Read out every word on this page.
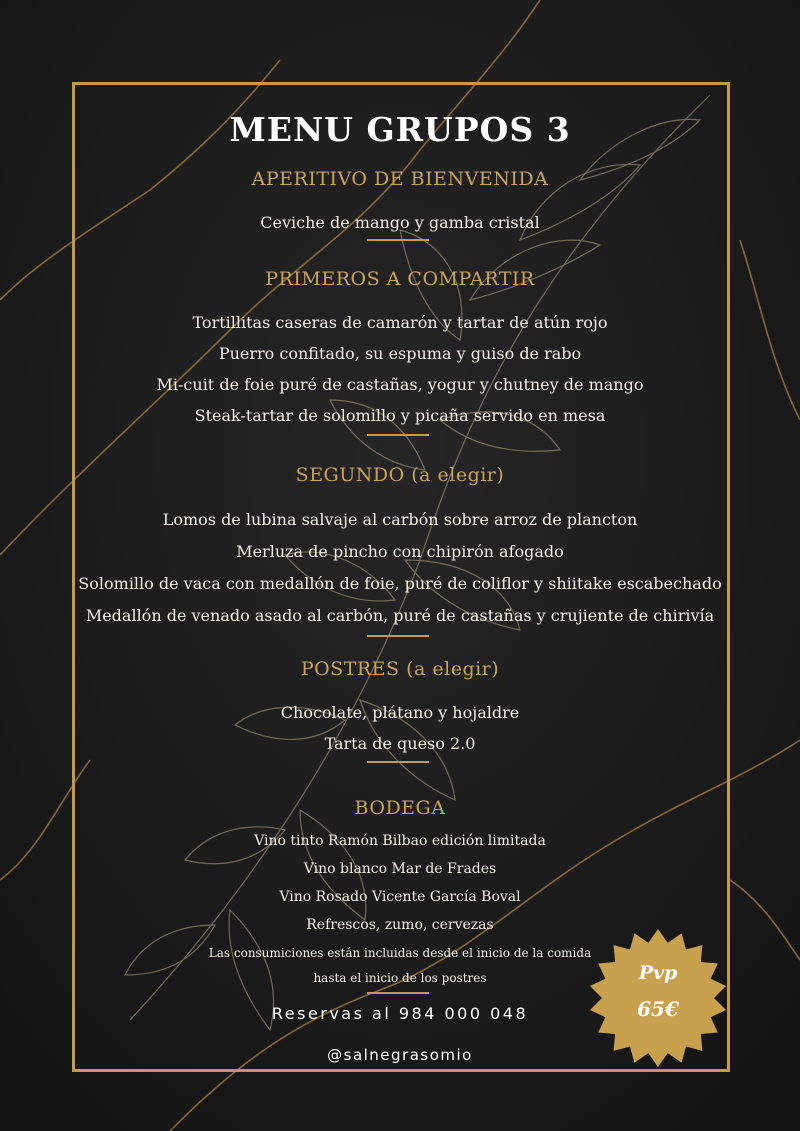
MENU GRUPOS 3
APERITIVO DE BIENVENIDA
Ceviche de mango y gamba cristal
PRIMEROS A COMPARTIR
Tortillitas caseras de camarón y tartar de atún rojo
Puerro confitado, su espuma y guiso de rabo
Mi-cuit de foie puré de castañas, yogur y chutney de mango
Steak-tartar de solomillo y picaña servido en mesa
SEGUNDO (a elegir)
Lomos de lubina salvaje al carbón sobre arroz de plancton
Merluza de pincho con chipirón afogado
Solomillo de vaca con medallón de foie, puré de coliflor y shiitake escabechado
Medallón de venado asado al carbón, puré de castañas y crujiente de chirivía
POSTRES (a elegir)
Chocolate, plátano y hojaldre
Tarta de queso 2.0
BODEGA
Vino tinto Ramón Bilbao edición limitada
Vino blanco Mar de Frades
Vino Rosado Vicente García Boval
Refrescos, zumo, cervezas
Las consumiciones están incluidas desde el inicio de la comida
hasta el inicio de los postres
Reservas al 984 000 048
@salnegrasomio
Pvp
65€
